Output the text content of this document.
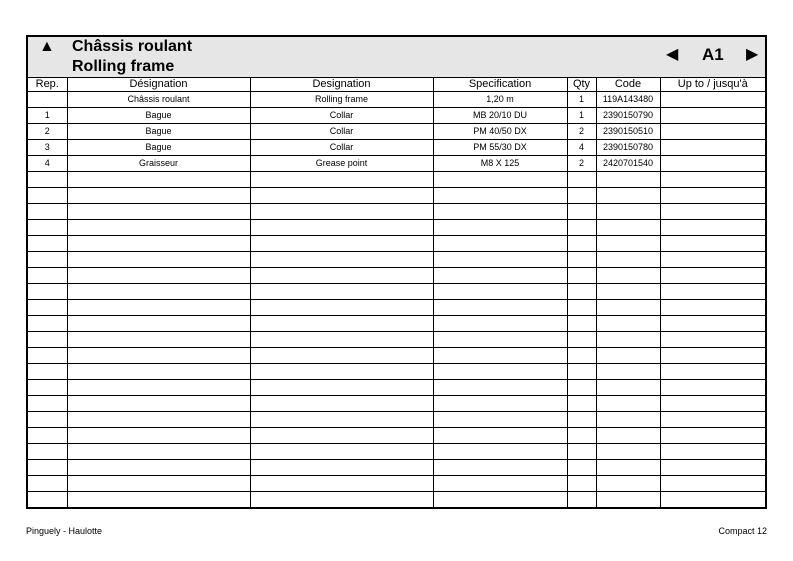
▲ Châssis roulant
Rolling frame
◀ A1 ▶
Rep.	Désignation	Designation	Specification	Qty	Code	Up to / jusqu'à
	Châssis roulant	Rolling frame	1,20 m	1	119A143480	
1	Bague	Collar	MB 20/10 DU	1	2390150790	
2	Bague	Collar	PM 40/50 DX	2	2390150510	
3	Bague	Collar	PM 55/30 DX	4	2390150780	
4	Graisseur	Grease point	M8 X 125	2	2420701540	

Pinguely - Haulotte	Compact 12
